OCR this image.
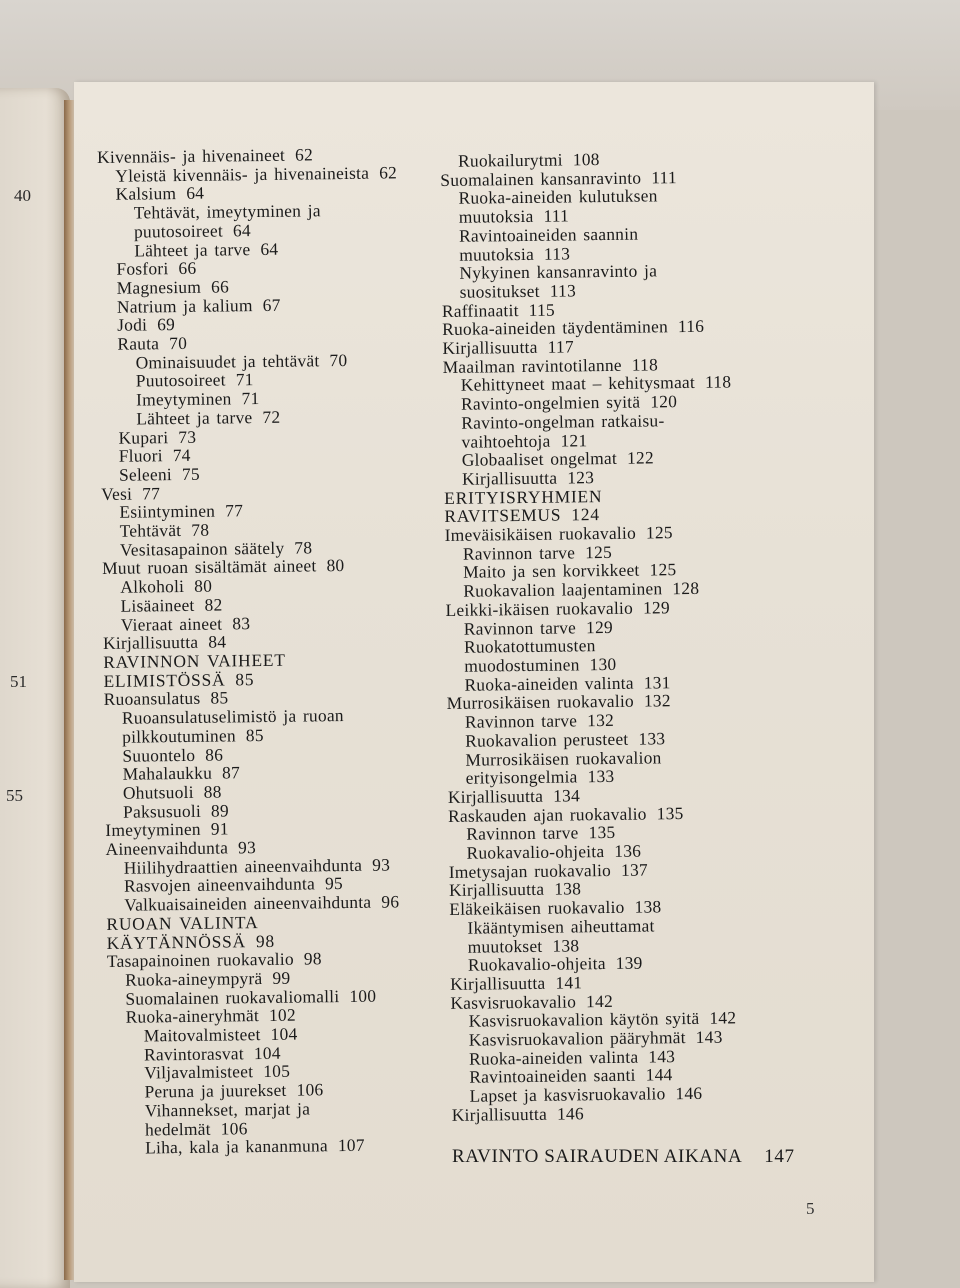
40
51
55
Kivennäis- ja hivenaineet 62
Yleistä kivennäis- ja hivenaineista 62
Kalsium 64
Tehtävät, imeytyminen ja
puutosoireet 64
Lähteet ja tarve 64
Fosfori 66
Magnesium 66
Natrium ja kalium 67
Jodi 69
Rauta 70
Ominaisuudet ja tehtävät 70
Puutosoireet 71
Imeytyminen 71
Lähteet ja tarve 72
Kupari 73
Fluori 74
Seleeni 75
Vesi 77
Esiintyminen 77
Tehtävät 78
Vesitasapainon säätely 78
Muut ruoan sisältämät aineet 80
Alkoholi 80
Lisäaineet 82
Vieraat aineet 83
Kirjallisuutta 84
RAVINNON VAIHEET
ELIMISTÖSSÄ 85
Ruoansulatus 85
Ruoansulatuselimistö ja ruoan
pilkkoutuminen 85
Suuontelo 86
Mahalaukku 87
Ohutsuoli 88
Paksusuoli 89
Imeytyminen 91
Aineenvaihdunta 93
Hiilihydraattien aineenvaihdunta 93
Rasvojen aineenvaihdunta 95
Valkuaisaineiden aineenvaihdunta 96
RUOAN VALINTA
KÄYTÄNNÖSSÄ 98
Tasapainoinen ruokavalio 98
Ruoka-aineympyrä 99
Suomalainen ruokavaliomalli 100
Ruoka-aineryhmät 102
Maitovalmisteet 104
Ravintorasvat 104
Viljavalmisteet 105
Peruna ja juurekset 106
Vihannekset, marjat ja
hedelmät 106
Liha, kala ja kananmuna 107
Ruokailurytmi 108
Suomalainen kansanravinto 111
Ruoka-aineiden kulutuksen
muutoksia 111
Ravintoaineiden saannin
muutoksia 113
Nykyinen kansanravinto ja
suositukset 113
Raffinaatit 115
Ruoka-aineiden täydentäminen 116
Kirjallisuutta 117
Maailman ravintotilanne 118
Kehittyneet maat – kehitysmaat 118
Ravinto-ongelmien syitä 120
Ravinto-ongelman ratkaisu-
vaihtoehtoja 121
Globaaliset ongelmat 122
Kirjallisuutta 123
ERITYISRYHMIEN
RAVITSEMUS 124
Imeväisikäisen ruokavalio 125
Ravinnon tarve 125
Maito ja sen korvikkeet 125
Ruokavalion laajentaminen 128
Leikki-ikäisen ruokavalio 129
Ravinnon tarve 129
Ruokatottumusten
muodostuminen 130
Ruoka-aineiden valinta 131
Murrosikäisen ruokavalio 132
Ravinnon tarve 132
Ruokavalion perusteet 133
Murrosikäisen ruokavalion
erityisongelmia 133
Kirjallisuutta 134
Raskauden ajan ruokavalio 135
Ravinnon tarve 135
Ruokavalio-ohjeita 136
Imetysajan ruokavalio 137
Kirjallisuutta 138
Eläkeikäisen ruokavalio 138
Ikääntymisen aiheuttamat
muutokset 138
Ruokavalio-ohjeita 139
Kirjallisuutta 141
Kasvisruokavalio 142
Kasvisruokavalion käytön syitä 142
Kasvisruokavalion pääryhmät 143
Ruoka-aineiden valinta 143
Ravintoaineiden saanti 144
Lapset ja kasvisruokavalio 146
Kirjallisuutta 146
RAVINTO SAIRAUDEN AIKANA 147
5
